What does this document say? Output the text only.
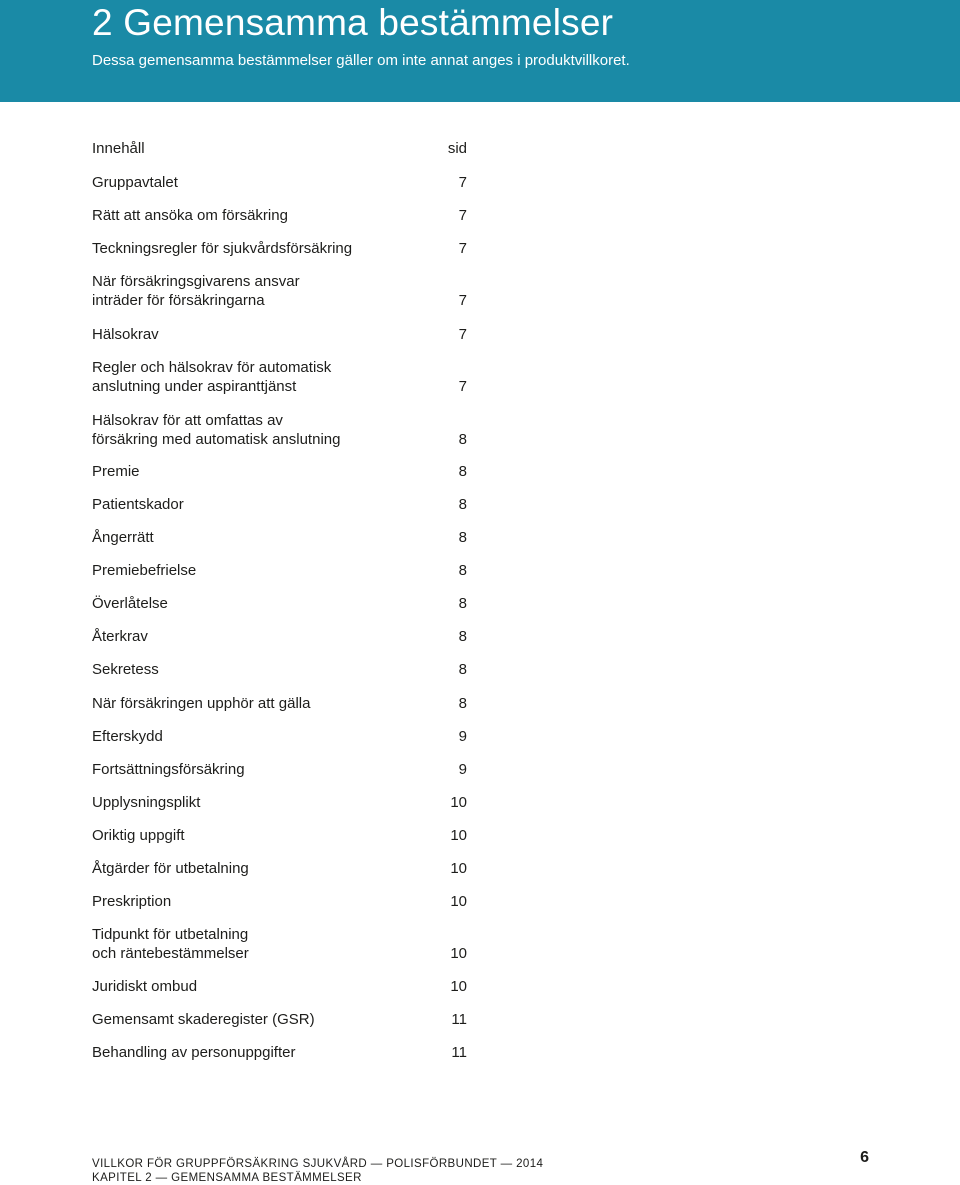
2 Gemensamma bestämmelser
Dessa gemensamma bestämmelser gäller om inte annat anges i produktvillkoret.
Innehåll	sid
Gruppavtalet	7
Rätt att ansöka om försäkring	7
Teckningsregler för sjukvårdsförsäkring	7
När försäkringsgivarens ansvar
inträder för försäkringarna	7
Hälsokrav	7
Regler och hälsokrav för automatisk
anslutning under aspiranttjänst	7
Hälsokrav för att omfattas av
försäkring med automatisk anslutning	8
Premie	8
Patientskador	8
Ångerrätt	8
Premiebefrielse	8
Överlåtelse	8
Återkrav	8
Sekretess	8
När försäkringen upphör att gälla	8
Efterskydd	9
Fortsättningsförsäkring	9
Upplysningsplikt	10
Oriktig uppgift	10
Åtgärder för utbetalning	10
Preskription	10
Tidpunkt för utbetalning
och räntebestämmelser	10
Juridiskt ombud	10
Gemensamt skaderegister (GSR)	11
Behandling av personuppgifter	11
VILLKOR FÖR GRUPPFÖRSÄKRING SJUKVÅRD — POLISFÖRBUNDET — 2014
KAPITEL 2 — GEMENSAMMA BESTÄMMELSER
6
